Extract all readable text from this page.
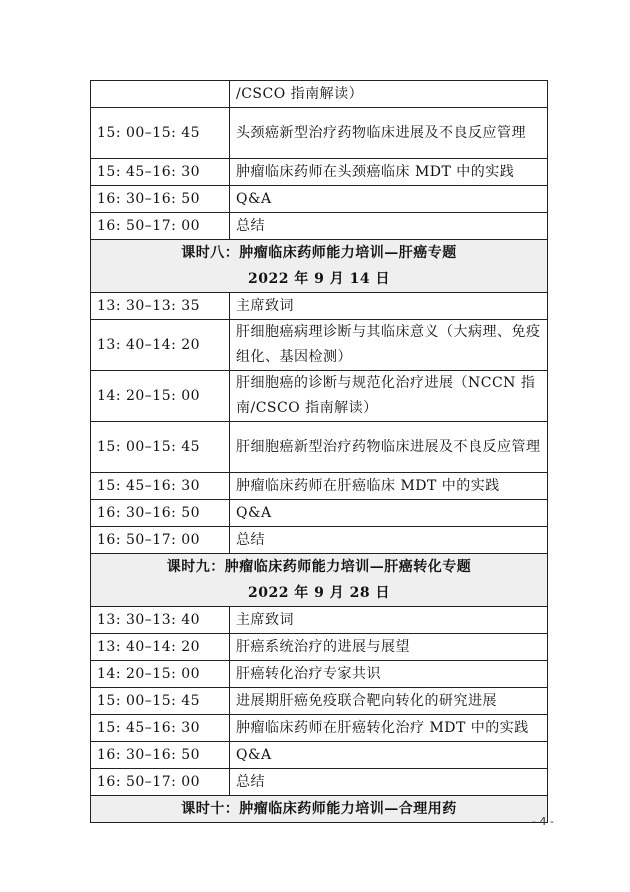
	/CSCO 指南解读）
15: 00–15: 45	头颈癌新型治疗药物临床进展及不良反应管理
15: 45–16: 30	肿瘤临床药师在头颈癌临床 MDT 中的实践
16: 30–16: 50	Q&A
16: 50–17: 00	总结

课时八：肿瘤临床药师能力培训—肝癌专题
2022 年 9 月 14 日	

13: 30–13: 35	主席致词
13: 40–14: 20	肝细胞癌病理诊断与其临床意义（大病理、免疫组化、基因检测）
14: 20–15: 00	肝细胞癌的诊断与规范化治疗进展（NCCN 指南/CSCO 指南解读）
15: 00–15: 45	肝细胞癌新型治疗药物临床进展及不良反应管理
15: 45–16: 30	肿瘤临床药师在肝癌临床 MDT 中的实践
16: 30–16: 50	Q&A
16: 50–17: 00	总结

课时九：肿瘤临床药师能力培训—肝癌转化专题
2022 年 9 月 28 日	

13: 30–13: 40	主席致词
13: 40–14: 20	肝癌系统治疗的进展与展望
14: 20–15: 00	肝癌转化治疗专家共识
15: 00–15: 45	进展期肝癌免疫联合靶向转化的研究进展
15: 45–16: 30	肿瘤临床药师在肝癌转化治疗 MDT 中的实践
16: 30–16: 50	Q&A
16: 50–17: 00	总结

课时十：肿瘤临床药师能力培训—合理用药	
- 4 -
